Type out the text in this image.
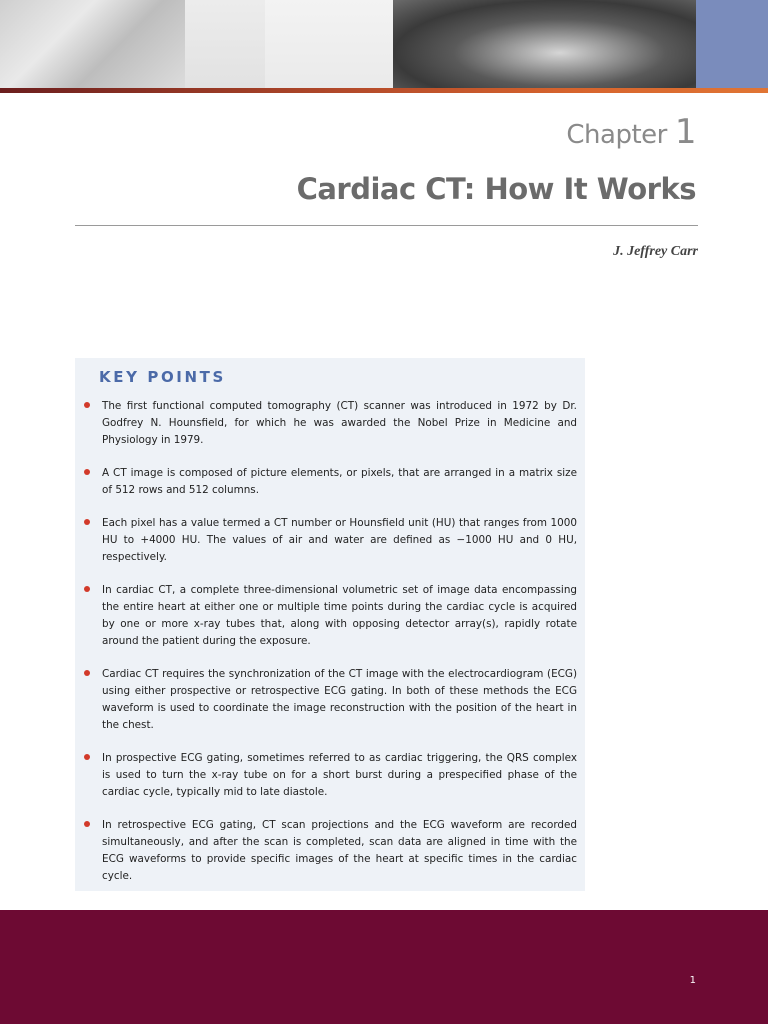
Chapter 1
Cardiac CT: How It Works
J. Jeffrey Carr
KEY POINTS
The first functional computed tomography (CT) scanner was introduced in 1972 by Dr. Godfrey N. Hounsfield, for which he was awarded the Nobel Prize in Medicine and Physiology in 1979.
A CT image is composed of picture elements, or pixels, that are arranged in a matrix size of 512 rows and 512 columns.
Each pixel has a value termed a CT number or Hounsfield unit (HU) that ranges from 1000 HU to +4000 HU. The values of air and water are defined as −1000 HU and 0 HU, respectively.
In cardiac CT, a complete three-dimensional volumetric set of image data encompassing the entire heart at either one or multiple time points during the cardiac cycle is acquired by one or more x-ray tubes that, along with opposing detector array(s), rapidly rotate around the patient during the exposure.
Cardiac CT requires the synchronization of the CT image with the electrocardiogram (ECG) using either prospective or retrospective ECG gating. In both of these methods the ECG waveform is used to coordinate the image reconstruction with the position of the heart in the chest.
In prospective ECG gating, sometimes referred to as cardiac triggering, the QRS complex is used to turn the x-ray tube on for a short burst during a prespecified phase of the cardiac cycle, typically mid to late diastole.
In retrospective ECG gating, CT scan projections and the ECG waveform are recorded simultaneously, and after the scan is completed, scan data are aligned in time with the ECG waveforms to provide specific images of the heart at specific times in the cardiac cycle.
1
